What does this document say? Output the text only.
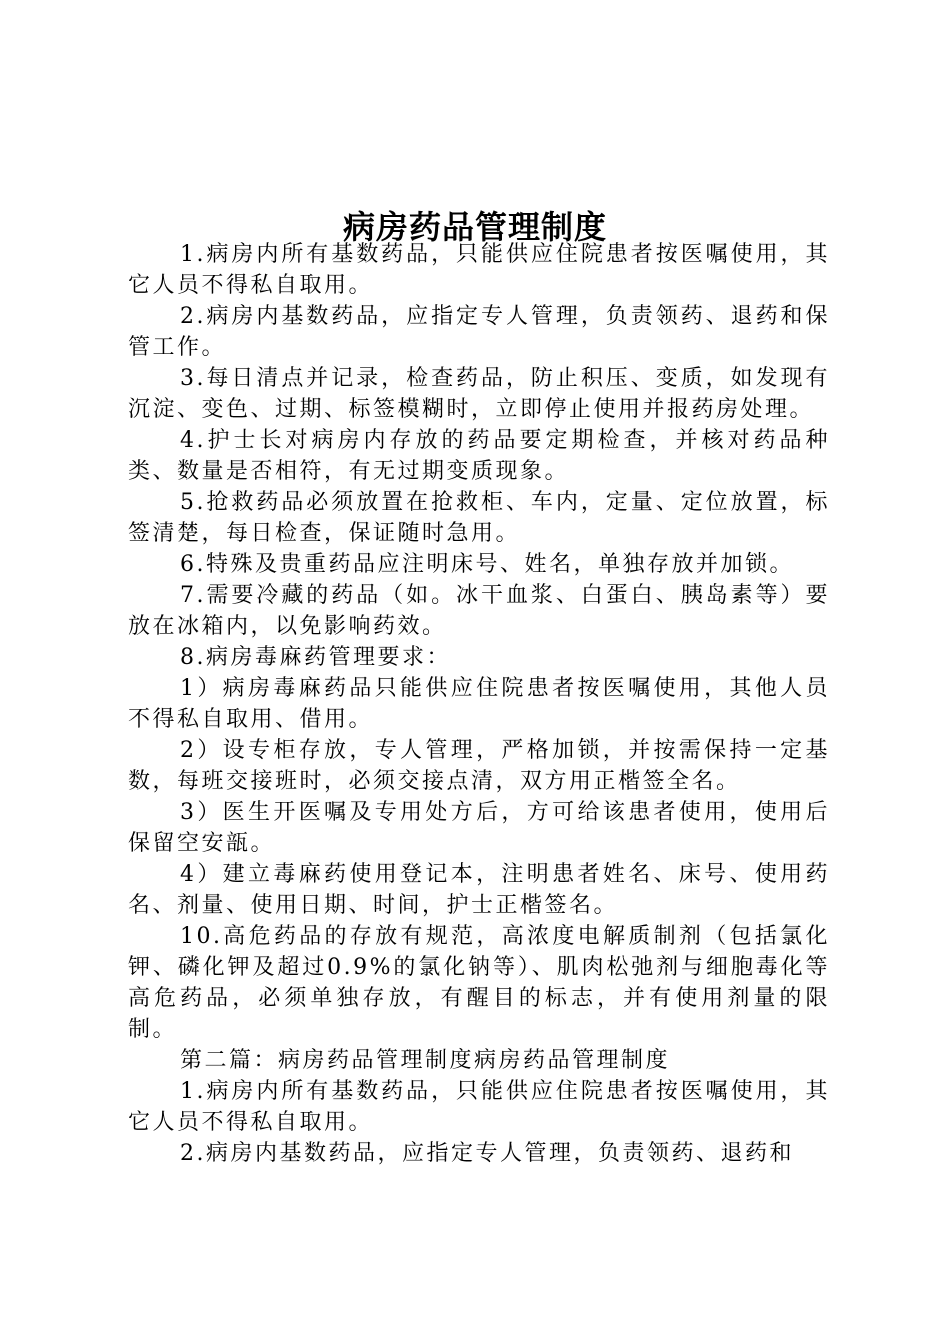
病房药品管理制度

1.病房内所有基数药品，只能供应住院患者按医嘱使用，其它人员不得私自取用。

2.病房内基数药品，应指定专人管理，负责领药、退药和保管工作。

3.每日清点并记录，检查药品，防止积压、变质，如发现有沉淀、变色、过期、标签模糊时，立即停止使用并报药房处理。

4.护士长对病房内存放的药品要定期检查，并核对药品种类、数量是否相符，有无过期变质现象。

5.抢救药品必须放置在抢救柜、车内，定量、定位放置，标签清楚，每日检查，保证随时急用。

6.特殊及贵重药品应注明床号、姓名，单独存放并加锁。

7.需要冷藏的药品（如。冰干血浆、白蛋白、胰岛素等）要放在冰箱内，以免影响药效。

8.病房毒麻药管理要求：

1）病房毒麻药品只能供应住院患者按医嘱使用，其他人员不得私自取用、借用。

2）设专柜存放，专人管理，严格加锁，并按需保持一定基数，每班交接班时，必须交接点清，双方用正楷签全名。

3）医生开医嘱及专用处方后，方可给该患者使用，使用后保留空安瓿。

4）建立毒麻药使用登记本，注明患者姓名、床号、使用药名、剂量、使用日期、时间，护士正楷签名。

10.高危药品的存放有规范，高浓度电解质制剂（包括氯化钾、磷化钾及超过0.9%的氯化钠等）、肌肉松弛剂与细胞毒化等高危药品，必须单独存放，有醒目的标志，并有使用剂量的限制。

第二篇：病房药品管理制度病房药品管理制度

1.病房内所有基数药品，只能供应住院患者按医嘱使用，其它人员不得私自取用。

2.病房内基数药品，应指定专人管理，负责领药、退药和
